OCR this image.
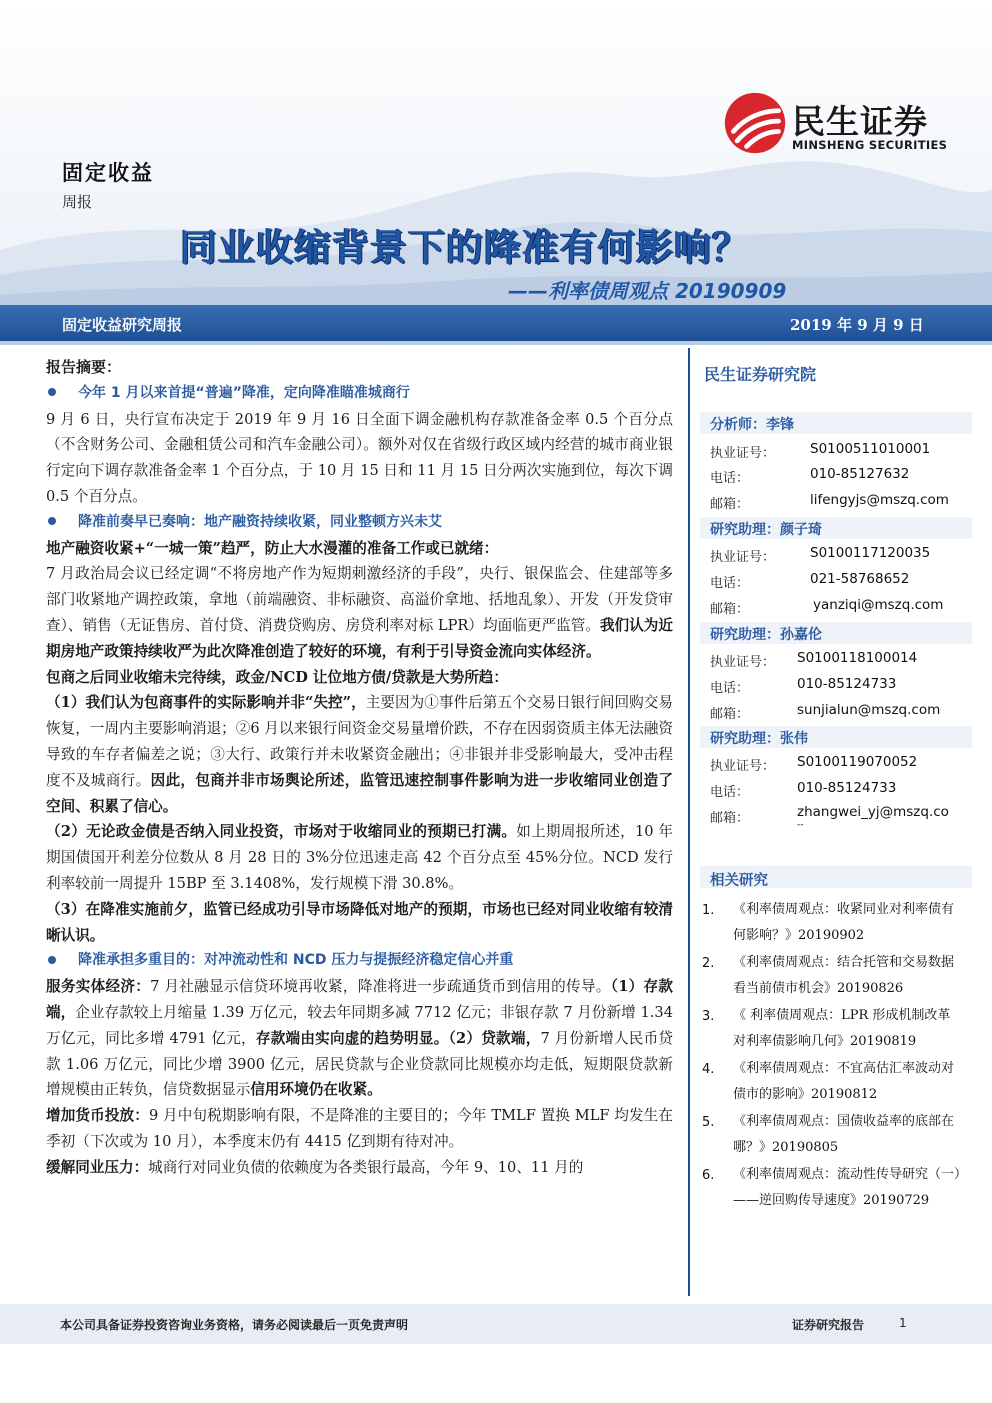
民生证券
MINSHENG SECURITIES
固定收益
周报
同业收缩背景下的降准有何影响？
——利率债周观点 20190909
固定收益研究周报	2019 年 9 月 9 日

报告摘要：

今年 1 月以来首提“普遍”降准，定向降准瞄准城商行

9 月 6 日，央行宣布决定于 2019 年 9 月 16 日全面下调金融机构存款准备金率 0.5 个百分点（不含财务公司、金融租赁公司和汽车金融公司）。额外对仅在省级行政区域内经营的城市商业银行定向下调存款准备金率 1 个百分点，于 10 月 15 日和 11 月 15 日分两次实施到位，每次下调 0.5 个百分点。

降准前奏早已奏响：地产融资持续收紧，同业整顿方兴未艾

地产融资收紧+“一城一策”趋严，防止大水漫灌的准备工作或已就绪：

7 月政治局会议已经定调“不将房地产作为短期刺激经济的手段”，央行、银保监会、住建部等多部门收紧地产调控政策，拿地（前端融资、非标融资、高溢价拿地、括地乱象）、开发（开发贷审查）、销售（无证售房、首付贷、消费贷购房、房贷利率对标 LPR）均面临更严监管。我们认为近期房地产政策持续收严为此次降准创造了较好的环境，有利于引导资金流向实体经济。

包商之后同业收缩未完待续，政金/NCD 让位地方债/贷款是大势所趋：

（1）我们认为包商事件的实际影响并非“失控”，主要因为①事件后第五个交易日银行间回购交易恢复，一周内主要影响消退；②6 月以来银行间资金交易量增价跌，不存在因弱资质主体无法融资导致的车存者偏差之说；③大行、政策行并未收紧资金融出；④非银并非受影响最大，受冲击程度不及城商行。因此，包商并非市场舆论所述，监管迅速控制事件影响为进一步收缩同业创造了空间、积累了信心。

（2）无论政金债是否纳入同业投资，市场对于收缩同业的预期已打满。如上期周报所述，10 年期国债国开利差分位数从 8 月 28 日的 3%分位迅速走高 42 个百分点至 45%分位。NCD 发行利率较前一周提升 15BP 至 3.1408%，发行规模下滑 30.8%。

（3）在降准实施前夕，监管已经成功引导市场降低对地产的预期，市场也已经对同业收缩有较清晰认识。

降准承担多重目的：对冲流动性和 NCD 压力与提振经济稳定信心并重

服务实体经济：7 月社融显示信贷环境再收紧，降准将进一步疏通货币到信用的传导。（1）存款端，企业存款较上月缩量 1.39 万亿元，较去年同期多减 7712 亿元；非银存款 7 月份新增 1.34 万亿元，同比多增 4791 亿元，存款端由实向虚的趋势明显。（2）贷款端，7 月份新增人民币贷款 1.06 万亿元，同比少增 3900 亿元，居民贷款与企业贷款同比规模亦均走低，短期限贷款新增规模由正转负，信贷数据显示信用环境仍在收紧。

增加货币投放：9 月中旬税期影响有限，不是降准的主要目的；今年 TMLF 置换 MLF 均发生在季初（下次或为 10 月），本季度末仍有 4415 亿到期有待对冲。

缓解同业压力：城商行对同业负债的依赖度为各类银行最高，今年 9、10、11 月的

民生证券研究院
分析师：李锋
执业证号：	S0100511010001
电话：	010-85127632
邮箱：	lifengyjs@mszq.com
研究助理：颜子琦
执业证号：	S0100117120035
电话：	021-58768652
邮箱：	yanziqi@mszq.com
研究助理：孙嘉伦
执业证号： S0100118100014
电话：	010-85124733
邮箱：	sunjialun@mszq.com
研究助理：张伟
执业证号： S0100119070052
电话：	010-85124733
邮箱：	zhangwei_yj@mszq.co
--
相关研究
1. 《利率债周观点：收紧同业对利率债有何影响？》20190902
2. 《利率债周观点：结合托管和交易数据看当前债市机会》20190826
3. 《 利率债周观点：LPR 形成机制改革对利率债影响几何》20190819
4. 《利率债周观点：不宜高估汇率波动对债市的影响》20190812
5. 《利率债周观点：国债收益率的底部在哪？》20190805
6. 《利率债周观点：流动性传导研究（一）——逆回购传导速度》20190729
本公司具备证券投资咨询业务资格，请务必阅读最后一页免责声明	证券研究报告	1
